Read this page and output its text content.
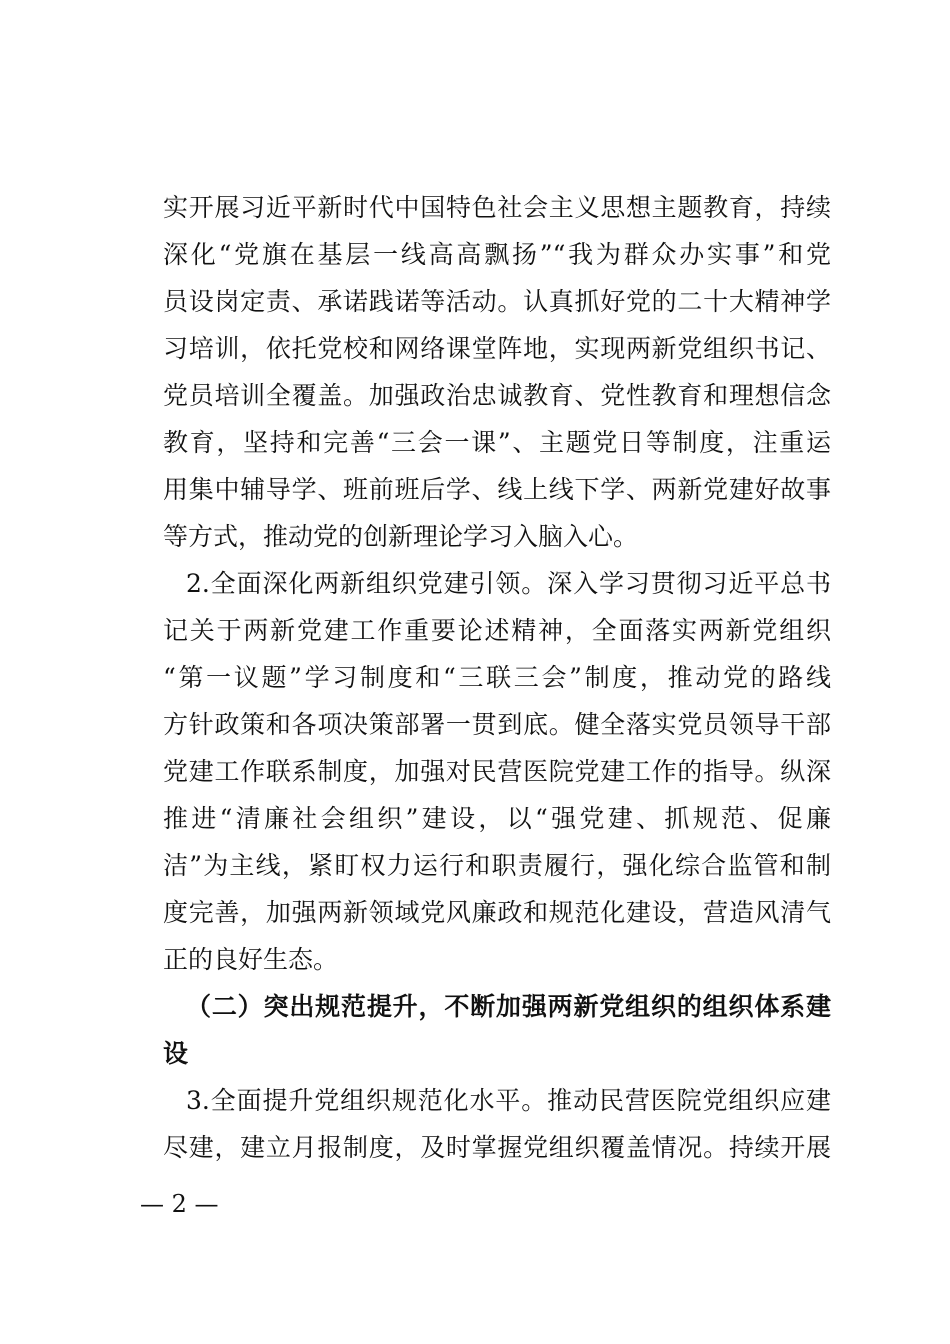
实开展习近平新时代中国特色社会主义思想主题教育，持续
深化“党旗在基层一线高高飘扬”“我为群众办实事”和党
员设岗定责、承诺践诺等活动。认真抓好党的二十大精神学
习培训，依托党校和网络课堂阵地，实现两新党组织书记、
党员培训全覆盖。加强政治忠诚教育、党性教育和理想信念
教育，坚持和完善“三会一课”、主题党日等制度，注重运
用集中辅导学、班前班后学、线上线下学、两新党建好故事
等方式，推动党的创新理论学习入脑入心。
2.全面深化两新组织党建引领。深入学习贯彻习近平总书
记关于两新党建工作重要论述精神，全面落实两新党组织
“第一议题”学习制度和“三联三会”制度，推动党的路线
方针政策和各项决策部署一贯到底。健全落实党员领导干部
党建工作联系制度，加强对民营医院党建工作的指导。纵深
推进“清廉社会组织”建设，以“强党建、抓规范、促廉
洁”为主线，紧盯权力运行和职责履行，强化综合监管和制
度完善，加强两新领域党风廉政和规范化建设，营造风清气
正的良好生态。
（二）突出规范提升，不断加强两新党组织的组织体系建
设
3.全面提升党组织规范化水平。推动民营医院党组织应建
尽建，建立月报制度，及时掌握党组织覆盖情况。持续开展
— 2 —
